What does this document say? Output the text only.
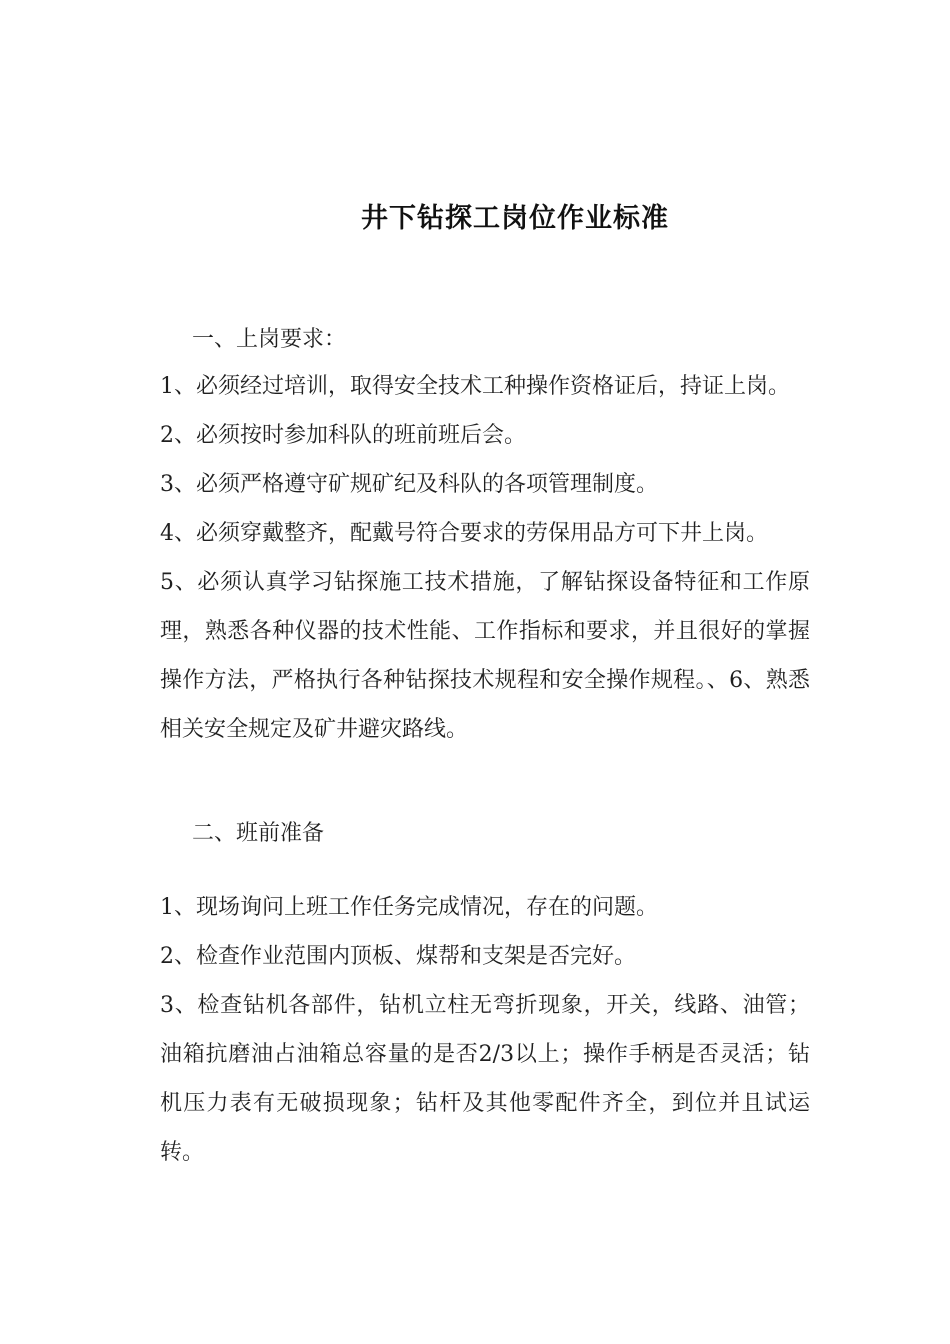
井下钻探工岗位作业标准
一、上岗要求：

1、必须经过培训，取得安全技术工种操作资格证后，持证上岗。

2、必须按时参加科队的班前班后会。

3、必须严格遵守矿规矿纪及科队的各项管理制度。

4、必须穿戴整齐，配戴号符合要求的劳保用品方可下井上岗。

5、必须认真学习钻探施工技术措施，了解钻探设备特征和工作原理，熟悉各种仪器的技术性能、工作指标和要求，并且很好的掌握操作方法，严格执行各种钻探技术规程和安全操作规程。、6、熟悉相关安全规定及矿井避灾路线。

二、班前准备

1、现场询问上班工作任务完成情况，存在的问题。

2、检查作业范围内顶板、煤帮和支架是否完好。

3、检查钻机各部件，钻机立柱无弯折现象，开关，线路、油管；油箱抗磨油占油箱总容量的是否2/3以上；操作手柄是否灵活；钻机压力表有无破损现象；钻杆及其他零配件齐全，到位并且试运转。
